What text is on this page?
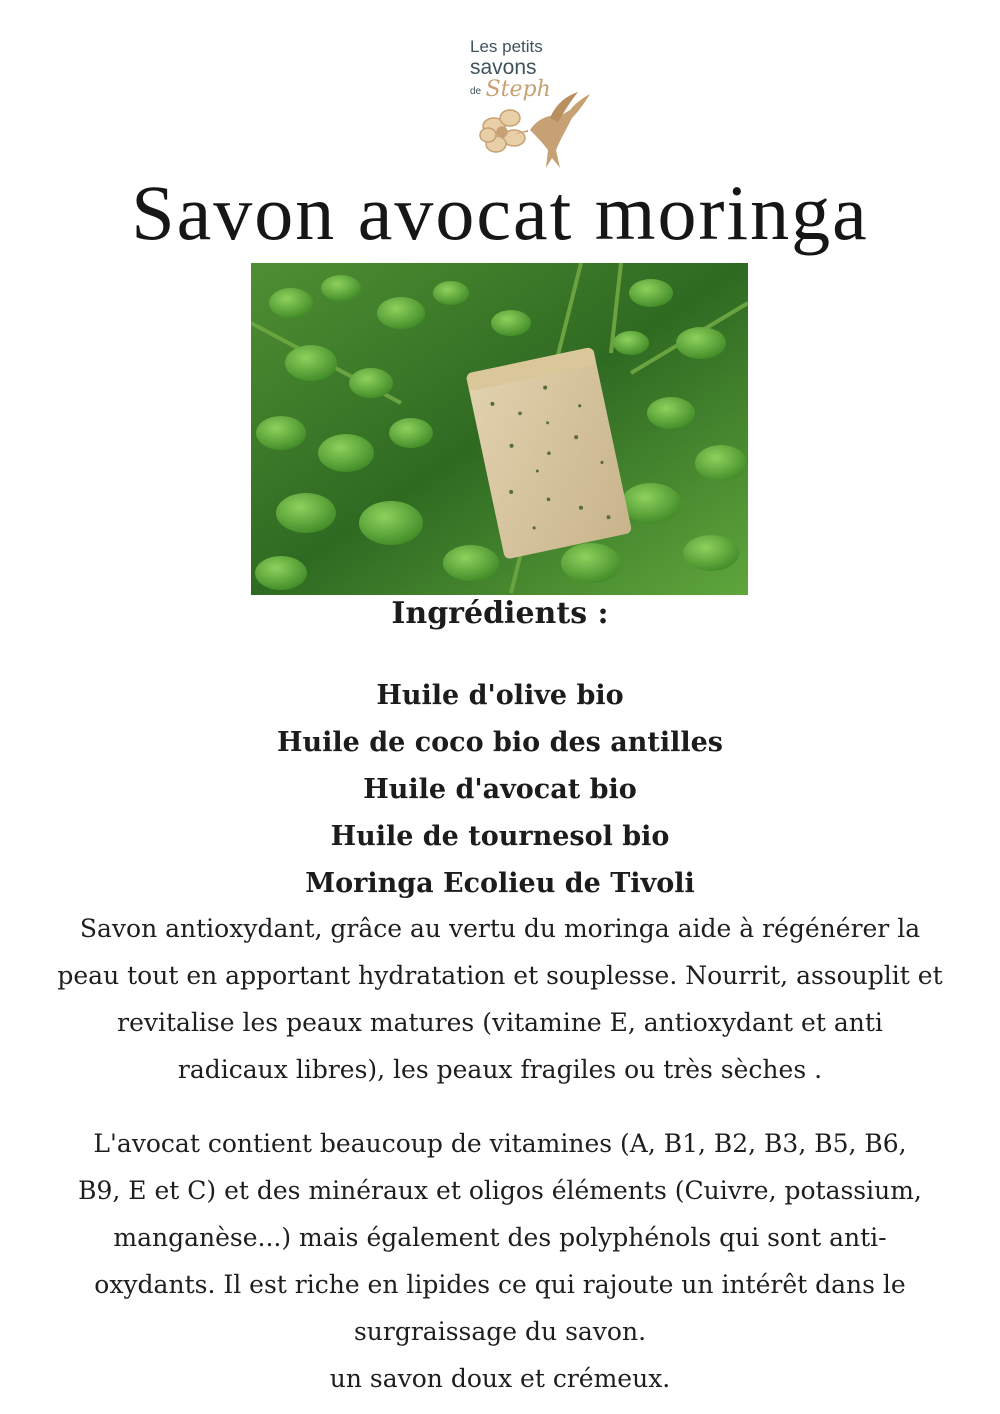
Les petits
savons
de Steph
Savon avocat moringa
Ingrédients :
Huile d'olive bio
Huile de coco bio des antilles
Huile d'avocat bio
Huile de tournesol bio
Moringa Ecolieu de Tivoli

Savon antioxydant, grâce au vertu du moringa aide à régénérer la
peau tout en apportant hydratation et souplesse. Nourrit, assouplit et
revitalise les peaux matures (vitamine E, antioxydant et anti
radicaux libres), les peaux fragiles ou très sèches .

L'avocat contient beaucoup de vitamines (A, B1, B2, B3, B5, B6,
B9, E et C) et des minéraux et oligos éléments (Cuivre, potassium,
manganèse...) mais également des polyphénols qui sont anti-
oxydants. Il est riche en lipides ce qui rajoute un intérêt dans le
surgraissage du savon.
un savon doux et crémeux.
